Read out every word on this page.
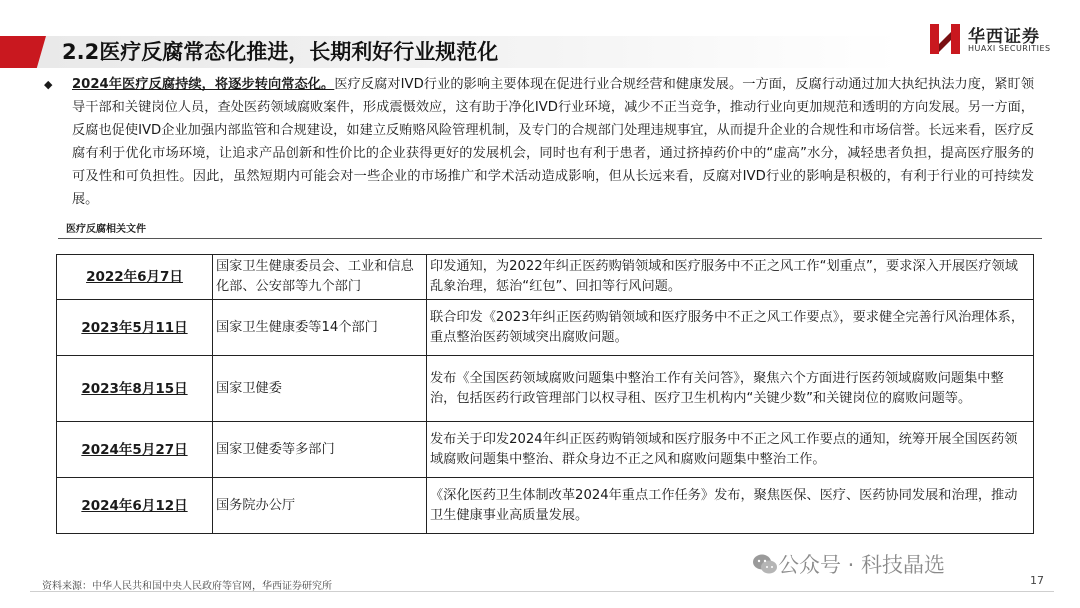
2.2医疗反腐常态化推进，长期利好行业规范化
华西证券
HUAXI SECURITIES
◆ 2024年医疗反腐持续，将逐步转向常态化。医疗反腐对IVD行业的影响主要体现在促进行业合规经营和健康发展。一方面，反腐行动通过加大执纪执法力度，紧盯领导干部和关键岗位人员，查处医药领域腐败案件，形成震慑效应，这有助于净化IVD行业环境，减少不正当竞争，推动行业向更加规范和透明的方向发展。另一方面，反腐也促使IVD企业加强内部监管和合规建设，如建立反贿赂风险管理机制，及专门的合规部门处理违规事宜，从而提升企业的合规性和市场信誉。长远来看，医疗反腐有利于优化市场环境，让追求产品创新和性价比的企业获得更好的发展机会，同时也有利于患者，通过挤掉药价中的“虚高”水分，减轻患者负担，提高医疗服务的可及性和可负担性。因此，虽然短期内可能会对一些企业的市场推广和学术活动造成影响，但从长远来看，反腐对IVD行业的影响是积极的，有利于行业的可持续发展。
医疗反腐相关文件
2022年6月7日	国家卫生健康委员会、工业和信息化部、公安部等九个部门	印发通知，为2022年纠正医药购销领域和医疗服务中不正之风工作“划重点”，要求深入开展医疗领域乱象治理，惩治“红包”、回扣等行风问题。
2023年5月11日	国家卫生健康委等14个部门	联合印发《2023年纠正医药购销领域和医疗服务中不正之风工作要点》，要求健全完善行风治理体系，重点整治医药领域突出腐败问题。
2023年8月15日	国家卫健委	发布《全国医药领域腐败问题集中整治工作有关问答》，聚焦六个方面进行医药领域腐败问题集中整治，包括医药行政管理部门以权寻租、医疗卫生机构内“关键少数”和关键岗位的腐败问题等。
2024年5月27日	国家卫健委等多部门	发布关于印发2024年纠正医药购销领域和医疗服务中不正之风工作要点的通知，统筹开展全国医药领域腐败问题集中整治、群众身边不正之风和腐败问题集中整治工作。
2024年6月12日	国务院办公厅	《深化医药卫生体制改革2024年重点工作任务》发布，聚焦医保、医疗、医药协同发展和治理，推动卫生健康事业高质量发展。
公众号 · 科技晶选
资料来源：中华人民共和国中央人民政府等官网，华西证券研究所	17
